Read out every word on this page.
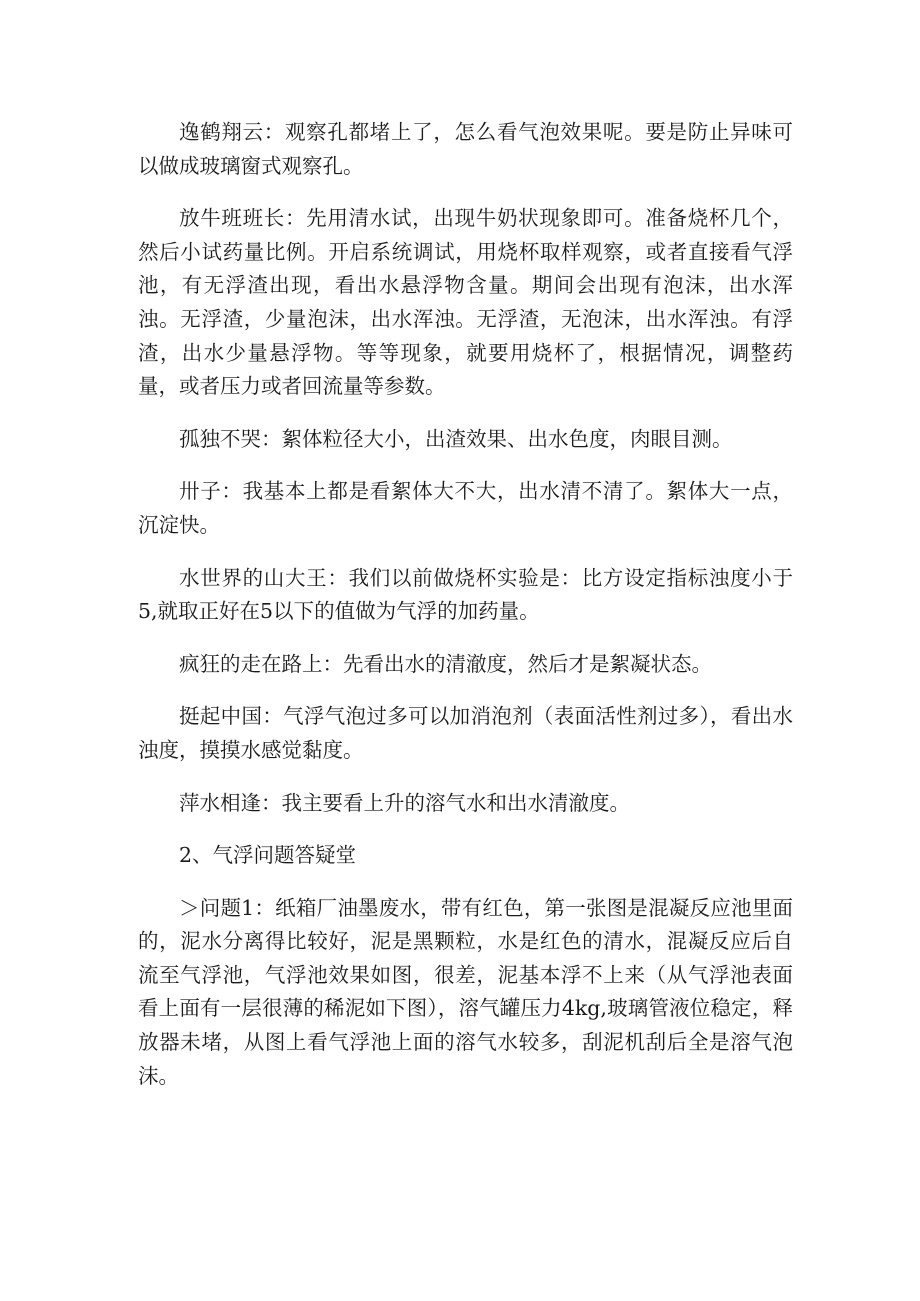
逸鹤翔云：观察孔都堵上了，怎么看气泡效果呢。要是防止异味可以做成玻璃窗式观察孔。

放牛班班长：先用清水试，出现牛奶状现象即可。准备烧杯几个，然后小试药量比例。开启系统调试，用烧杯取样观察，或者直接看气浮池，有无浮渣出现，看出水悬浮物含量。期间会出现有泡沫，出水浑浊。无浮渣，少量泡沫，出水浑浊。无浮渣，无泡沫，出水浑浊。有浮渣，出水少量悬浮物。等等现象，就要用烧杯了，根据情况，调整药量，或者压力或者回流量等参数。

孤独不哭：絮体粒径大小，出渣效果、出水色度，肉眼目测。

卅子：我基本上都是看絮体大不大，出水清不清了。絮体大一点，沉淀快。

水世界的山大王：我们以前做烧杯实验是：比方设定指标浊度小于5,就取正好在5以下的值做为气浮的加药量。

疯狂的走在路上：先看出水的清澈度，然后才是絮凝状态。

挺起中国：气浮气泡过多可以加消泡剂（表面活性剂过多），看出水浊度，摸摸水感觉黏度。

萍水相逢：我主要看上升的溶气水和出水清澈度。

2、气浮问题答疑堂

＞问题1：纸箱厂油墨废水，带有红色，第一张图是混凝反应池里面的，泥水分离得比较好，泥是黑颗粒，水是红色的清水，混凝反应后自流至气浮池，气浮池效果如图，很差，泥基本浮不上来（从气浮池表面看上面有一层很薄的稀泥如下图），溶气罐压力4kg,玻璃管液位稳定，释放器未堵，从图上看气浮池上面的溶气水较多，刮泥机刮后全是溶气泡沫。
